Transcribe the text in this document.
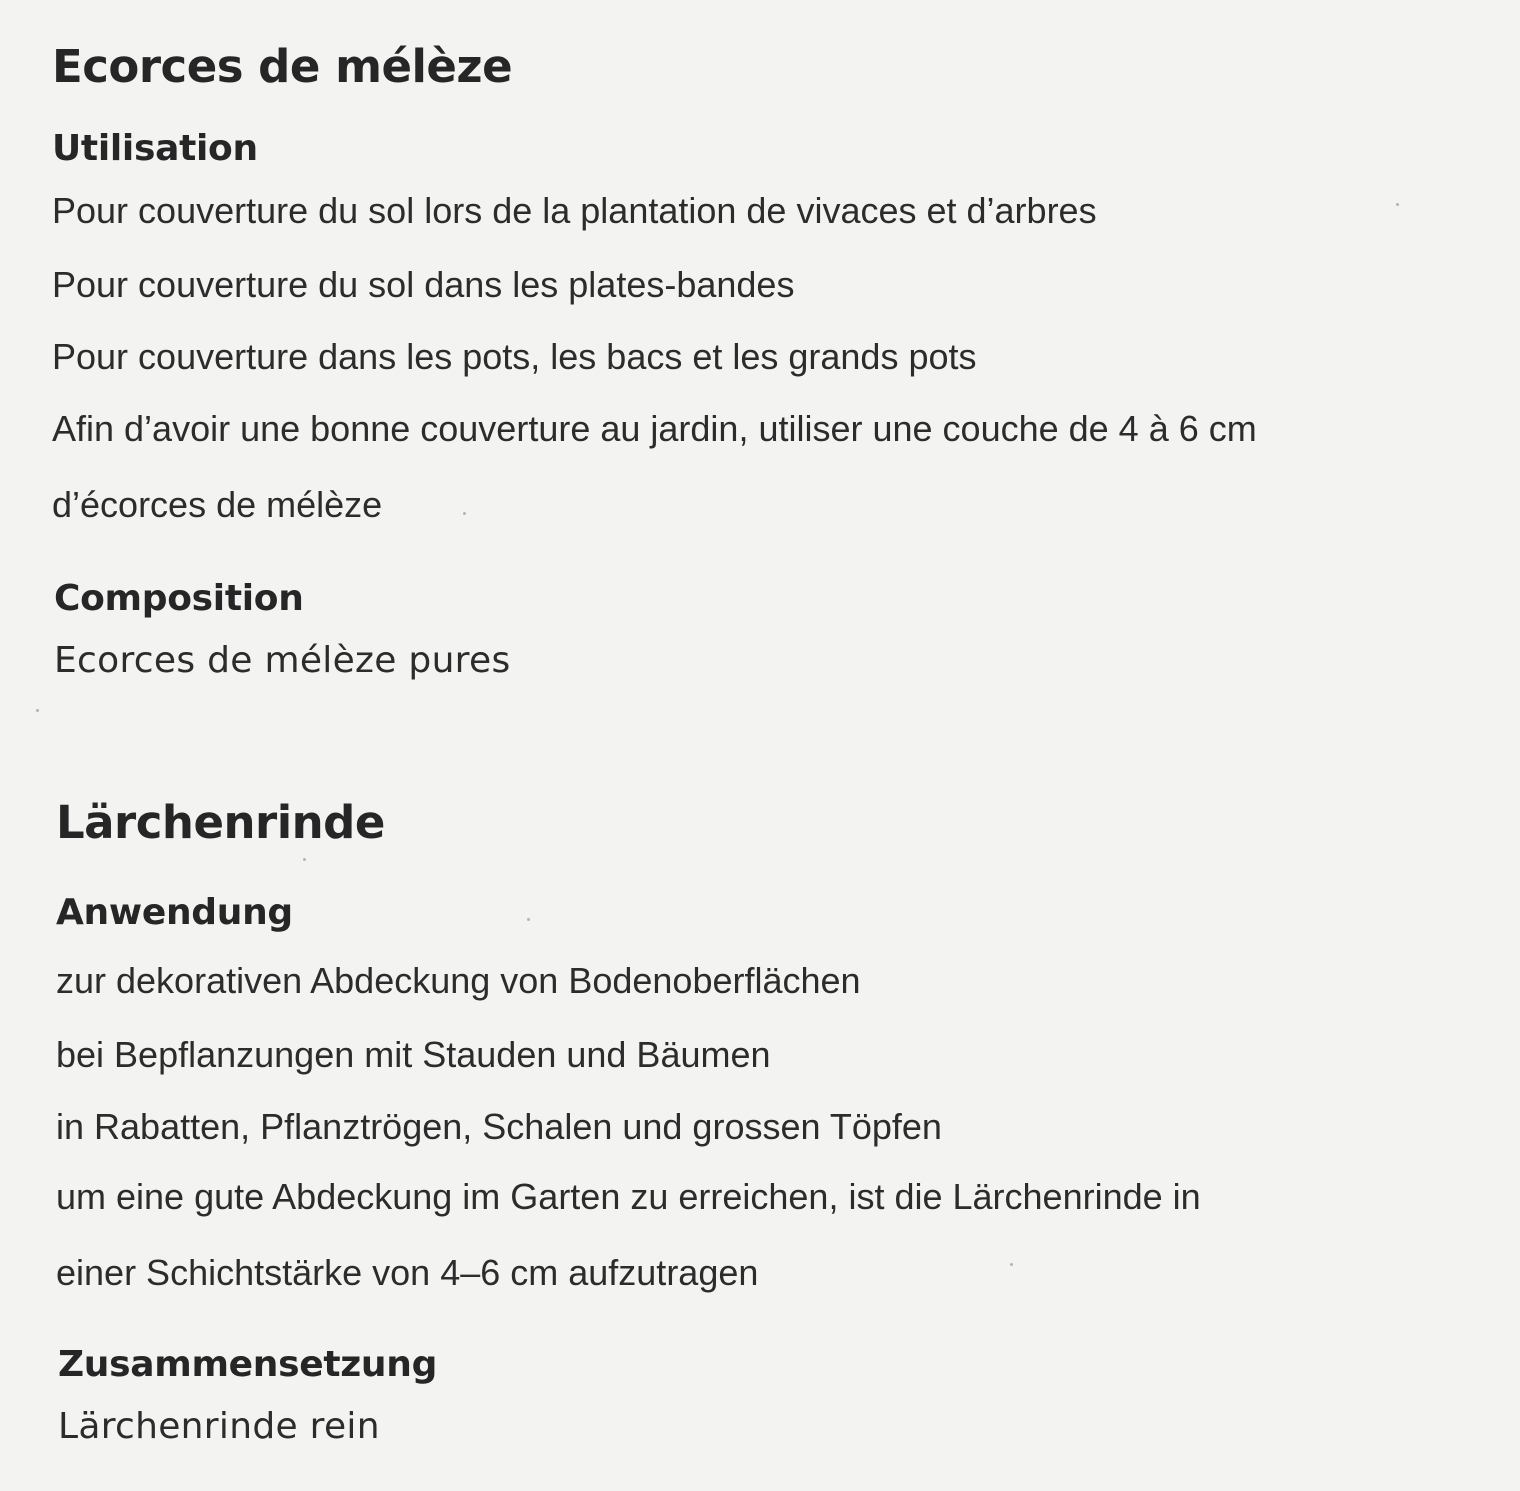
Ecorces de mélèze
Utilisation

Pour couverture du sol lors de la plantation de vivaces et d’arbres

Pour couverture du sol dans les plates-bandes

Pour couverture dans les pots, les bacs et les grands pots

Afin d’avoir une bonne couverture au jardin, utiliser une couche de 4 à 6 cm

d’écorces de mélèze

Composition

Ecorces de mélèze pures

Lärchenrinde
Anwendung

zur dekorativen Abdeckung von Bodenoberflächen

bei Bepflanzungen mit Stauden und Bäumen

in Rabatten, Pflanztrögen, Schalen und grossen Töpfen

um eine gute Abdeckung im Garten zu erreichen, ist die Lärchenrinde in

einer Schichtstärke von 4–6 cm aufzutragen

Zusammensetzung

Lärchenrinde rein
